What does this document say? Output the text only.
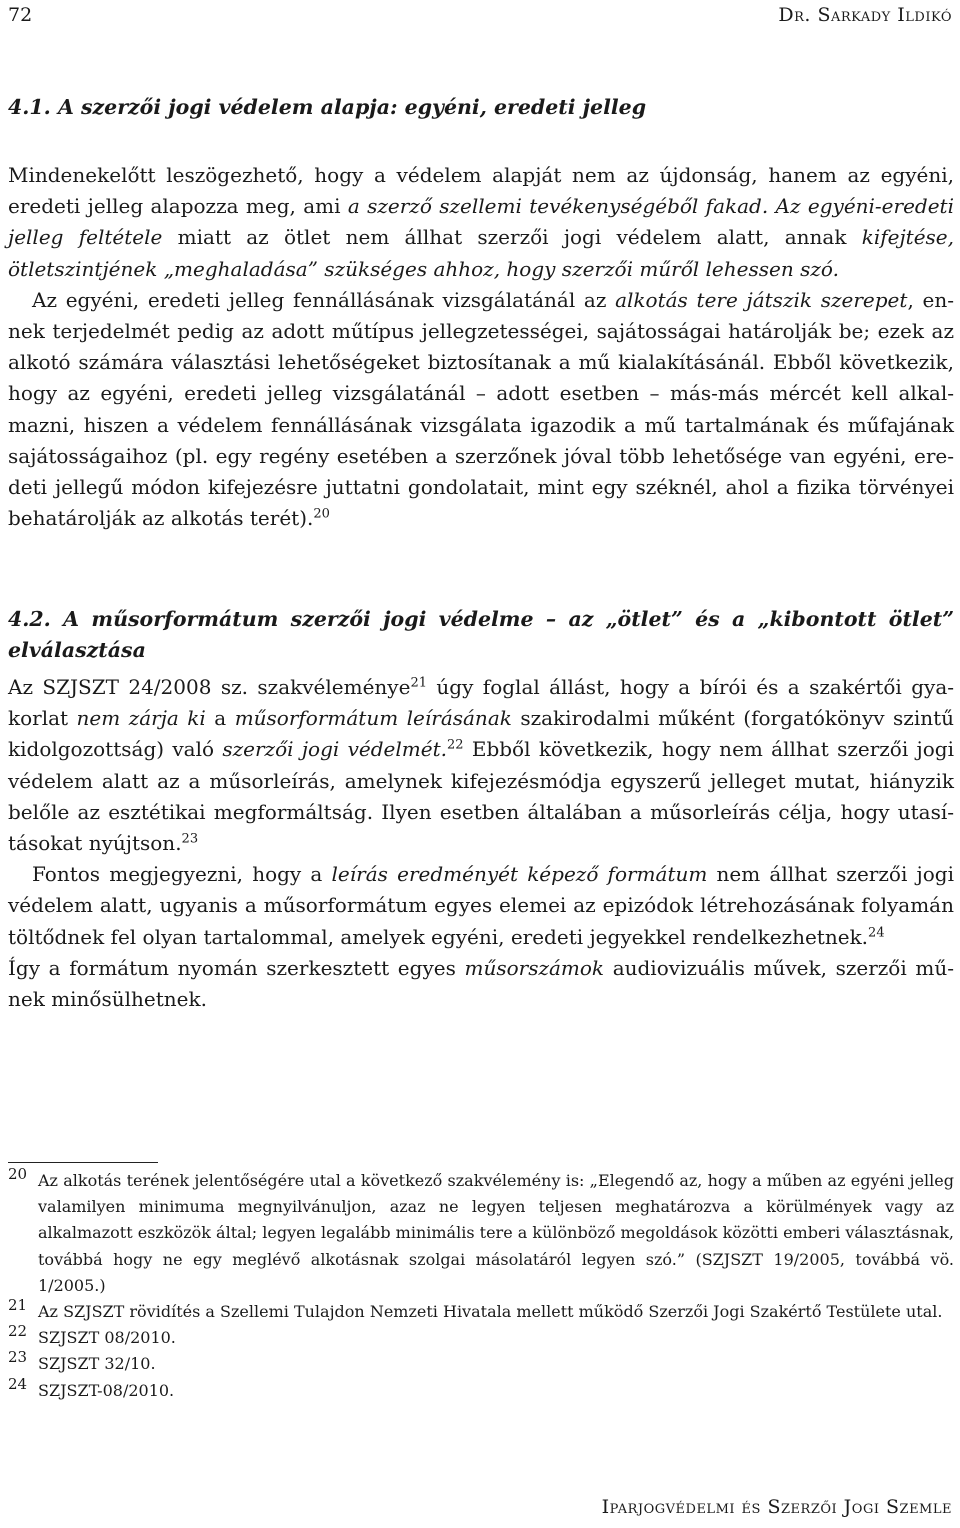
72	Dr. Sarkady Ildikó
4.1. A szerzői jogi védelem alapja: egyéni, eredeti jelleg

Mindenekelőtt leszögezhető, hogy a védelem alapját nem az újdonság, hanem az egyéni, eredeti jelleg alapozza meg, ami a szerző szellemi tevékenységéből fakad. Az egyéni-eredeti jelleg feltétele miatt az ötlet nem állhat szerzői jogi védelem alatt, annak kifejtése, ötletszintjének „meghaladása” szükséges ahhoz, hogy szerzői műről lehessen szó.

Az egyéni, eredeti jelleg fennállásának vizsgálatánál az alkotás tere játszik szerepet, ennek terjedelmét pedig az adott műtípus jellegzetességei, sajátosságai határolják be; ezek az alkotó számára választási lehetőségeket biztosítanak a mű kialakításánál. Ebből következik, hogy az egyéni, eredeti jelleg vizsgálatánál – adott esetben – más-más mércét kell alkalmazni, hiszen a védelem fennállásának vizsgálata igazodik a mű tartalmának és műfajának sajátosságaihoz (pl. egy regény esetében a szerzőnek jóval több lehetősége van egyéni, eredeti jellegű módon kifejezésre juttatni gondolatait, mint egy széknél, ahol a fizika törvényei behatárolják az alkotás terét).$^{20}$

4.2. A műsorformátum szerzői jogi védelme – az „ötlet” és a „kibontott ötlet” elválasztása

Az SZJSZT 24/2008 sz. szakvéleménye$^{21}$ úgy foglal állást, hogy a bírói és a szakértői gyakorlat nem zárja ki a műsorformátum leírásának szakirodalmi műként (forgatókönyv szintű kidolgozottság) való szerzői jogi védelmét.$^{22}$ Ebből következik, hogy nem állhat szerzői jogi védelem alatt az a műsorleírás, amelynek kifejezésmódja egyszerű jelleget mutat, hiányzik belőle az esztétikai megformáltság. Ilyen esetben általában a műsorleírás célja, hogy utasításokat nyújtson.$^{23}$

Fontos megjegyezni, hogy a leírás eredményét képező formátum nem állhat szerzői jogi védelem alatt, ugyanis a műsorformátum egyes elemei az epizódok létrehozásának folyamán töltődnek fel olyan tartalommal, amelyek egyéni, eredeti jegyekkel rendelkezhetnek.$^{24}$

Így a formátum nyomán szerkesztett egyes műsorszámok audiovizuális művek, szerzői műnek minősülhetnek.

20 Az alkotás terének jelentőségére utal a következő szakvélemény is: „Elegendő az, hogy a műben az egyéni jelleg valamilyen minimuma megnyilvánuljon, azaz ne legyen teljesen meghatározva a körülmények vagy az alkalmazott eszközök által; legyen legalább minimális tere a különböző megoldások közötti emberi választásnak, továbbá hogy ne egy meglévő alkotásnak szolgai másolatáról legyen szó.” (SZJSZT 19/2005, továbbá vö. 1/2005.)

21 Az SZJSZT rövidítés a Szellemi Tulajdon Nemzeti Hivatala mellett működő Szerzői Jogi Szakértő Testülete utal.

22 SZJSZT 08/2010.

23 SZJSZT 32/10.

24 SZJSZT-08/2010.

Iparjogvédelmi és Szerzői Jogi Szemle
